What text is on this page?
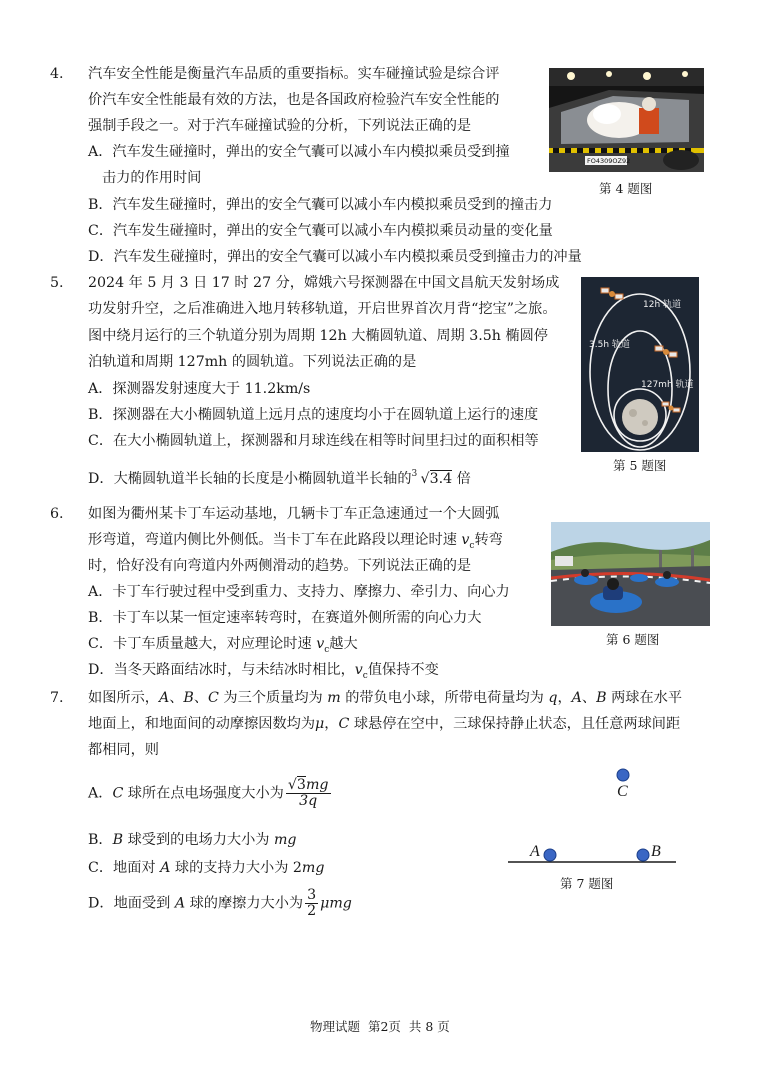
4. 汽车安全性能是衡量汽车品质的重要指标。实车碰撞试验是综合评
价汽车安全性能最有效的方法，也是各国政府检验汽车安全性能的
强制手段之一。对于汽车碰撞试验的分析，下列说法正确的是
A．汽车发生碰撞时，弹出的安全气囊可以减小车内模拟乘员受到撞
击力的作用时间
B．汽车发生碰撞时，弹出的安全气囊可以减小车内模拟乘员受到的撞击力
C．汽车发生碰撞时，弹出的安全气囊可以减小车内模拟乘员动量的变化量
D．汽车发生碰撞时，弹出的安全气囊可以减小车内模拟乘员受到撞击力的冲量
FO4309OZ92
第 4 题图
5. 2024 年 5 月 3 日 17 时 27 分，嫦娥六号探测器在中国文昌航天发射场成
功发射升空，之后准确进入地月转移轨道，开启世界首次月背“挖宝”之旅。
图中绕月运行的三个轨道分别为周期 12h 大椭圆轨道、周期 3.5h 椭圆停
泊轨道和周期 127mh 的圆轨道。下列说法正确的是
A．探测器发射速度大于 11.2km/s
B．探测器在大小椭圆轨道上远月点的速度均小于在圆轨道上运行的速度
C．在大小椭圆轨道上，探测器和月球连线在相等时间里扫过的面积相等
D．大椭圆轨道半长轴的长度是小椭圆轨道半长轴的 3 √3.4 倍
12h 轨道
3.5h 轨道
127mh 轨道
第 5 题图
6. 如图为衢州某卡丁车运动基地，几辆卡丁车正急速通过一个大圆弧
形弯道，弯道内侧比外侧低。当卡丁车在此路段以理论时速 $v_c$转弯
时，恰好没有向弯道内外两侧滑动的趋势。下列说法正确的是
A．卡丁车行驶过程中受到重力、支持力、摩擦力、牵引力、向心力
B．卡丁车以某一恒定速率转弯时，在赛道外侧所需的向心力大
C．卡丁车质量越大，对应理论时速 $v_c$越大
D．当冬天路面结冰时，与未结冰时相比，$v_c$值保持不变
第 6 题图
7. 如图所示，A、B、C 为三个质量均为 m 的带负电小球，所带电荷量均为 q，A、B 两球在水平
地面上，和地面间的动摩擦因数均为μ，C 球悬停在空中，三球保持静止状态，且任意两球间距
都相同，则
A．C 球所在点电场强度大小为 $\frac{√3mg}{3q}$
B．B 球受到的电场力大小为 mg
C．地面对 A 球的支持力大小为 2mg
D．地面受到 A 球的摩擦力大小为 $\frac{3}{2}$ μmg
C
A	B
第 7 题图
物理试题  第2页  共 8 页
